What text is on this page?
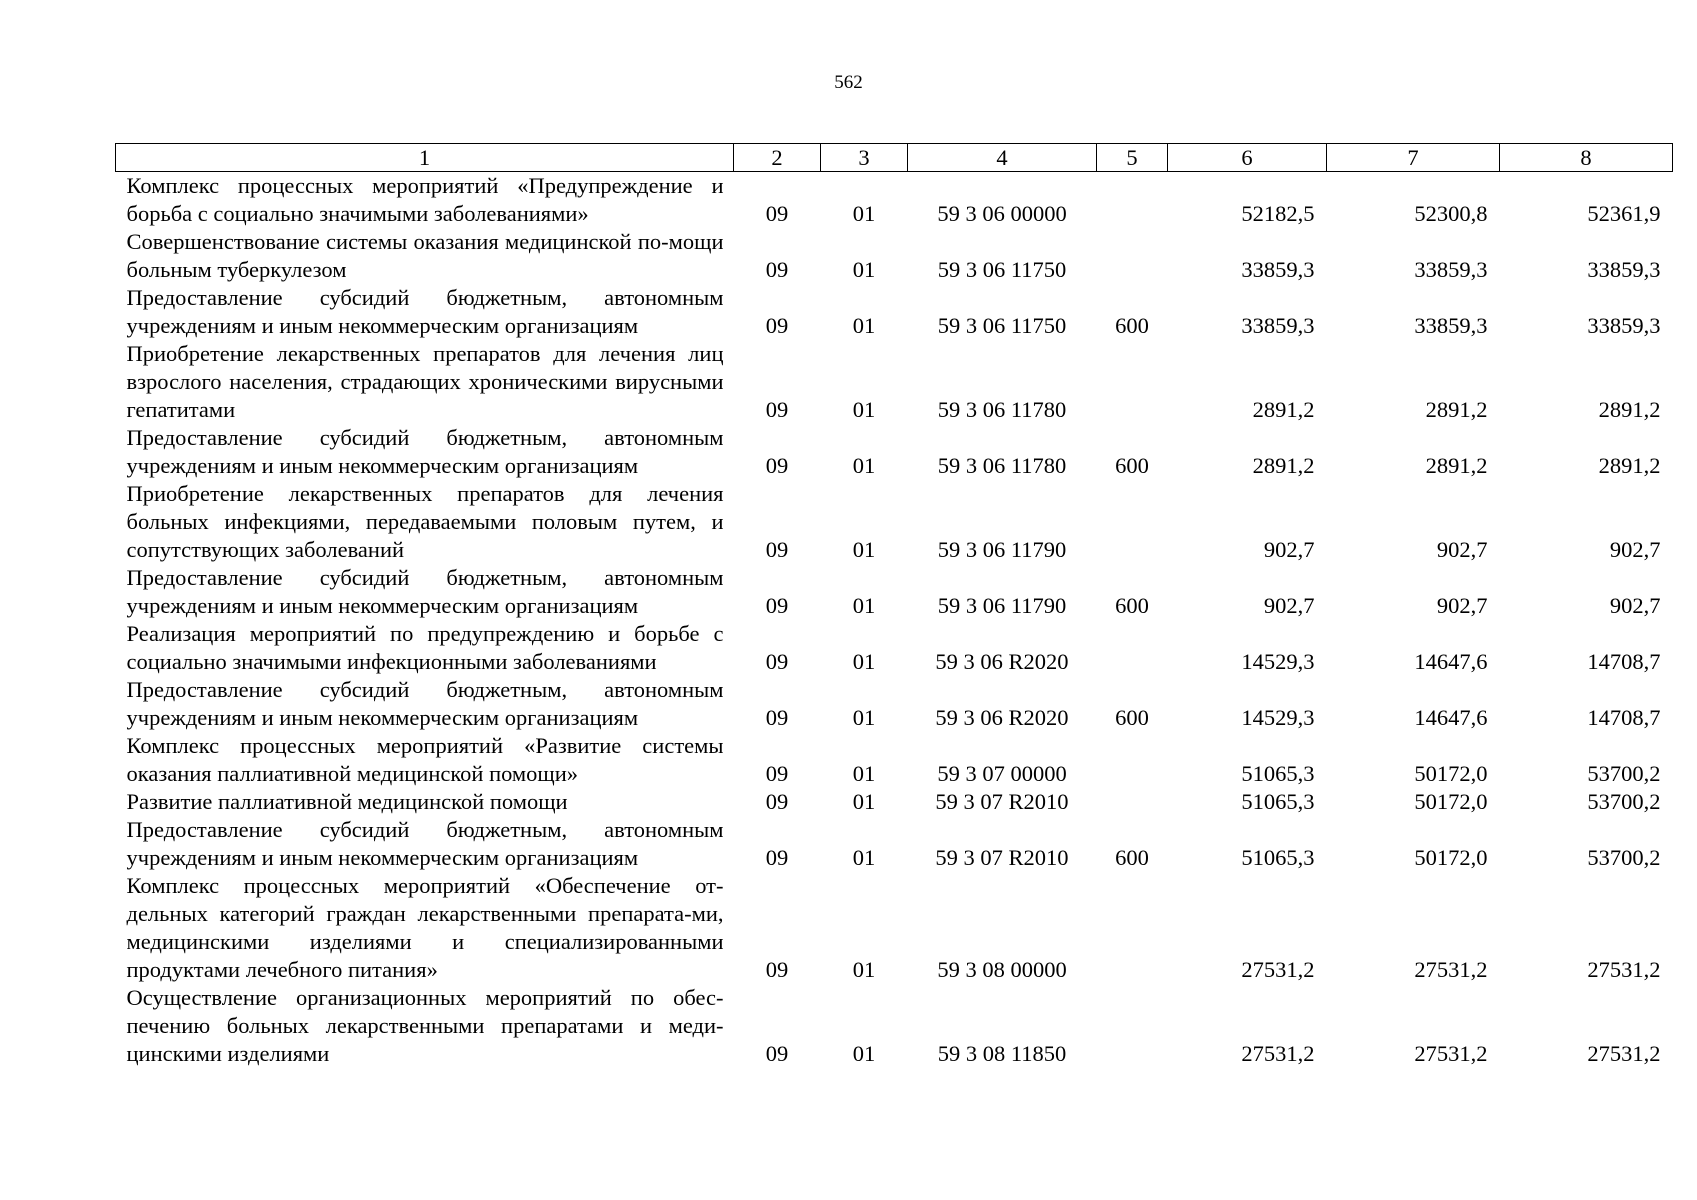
562
1	2	3	4	5	6	7	8
Комплекс процессных мероприятий «Предупреждение и борьба с социально значимыми заболеваниями»	09	01	59 3 06 00000		52182,5	52300,8	52361,9
Совершенствование системы оказания медицинской по-мощи больным туберкулезом	09	01	59 3 06 11750		33859,3	33859,3	33859,3
Предоставление субсидий бюджетным, автономным учреждениям и иным некоммерческим организациям	09	01	59 3 06 11750	600	33859,3	33859,3	33859,3
Приобретение лекарственных препаратов для лечения лиц взрослого населения, страдающих хроническими вирусными гепатитами	09	01	59 3 06 11780		2891,2	2891,2	2891,2
Предоставление субсидий бюджетным, автономным учреждениям и иным некоммерческим организациям	09	01	59 3 06 11780	600	2891,2	2891,2	2891,2
Приобретение лекарственных препаратов для лечения больных инфекциями, передаваемыми половым путем, и сопутствующих заболеваний	09	01	59 3 06 11790		902,7	902,7	902,7
Предоставление субсидий бюджетным, автономным учреждениям и иным некоммерческим организациям	09	01	59 3 06 11790	600	902,7	902,7	902,7
Реализация мероприятий по предупреждению и борьбе с социально значимыми инфекционными заболеваниями	09	01	59 3 06 R2020		14529,3	14647,6	14708,7
Предоставление субсидий бюджетным, автономным учреждениям и иным некоммерческим организациям	09	01	59 3 06 R2020	600	14529,3	14647,6	14708,7
Комплекс процессных мероприятий «Развитие системы оказания паллиативной медицинской помощи»	09	01	59 3 07 00000		51065,3	50172,0	53700,2
Развитие паллиативной медицинской помощи	09	01	59 3 07 R2010		51065,3	50172,0	53700,2
Предоставление субсидий бюджетным, автономным учреждениям и иным некоммерческим организациям	09	01	59 3 07 R2010	600	51065,3	50172,0	53700,2
Комплекс процессных мероприятий «Обеспечение от-дельных категорий граждан лекарственными препарата-ми, медицинскими изделиями и специализированными продуктами лечебного питания»	09	01	59 3 08 00000		27531,2	27531,2	27531,2
Осуществление организационных мероприятий по обес-печению больных лекарственными препаратами и меди-цинскими изделиями	09	01	59 3 08 11850		27531,2	27531,2	27531,2
